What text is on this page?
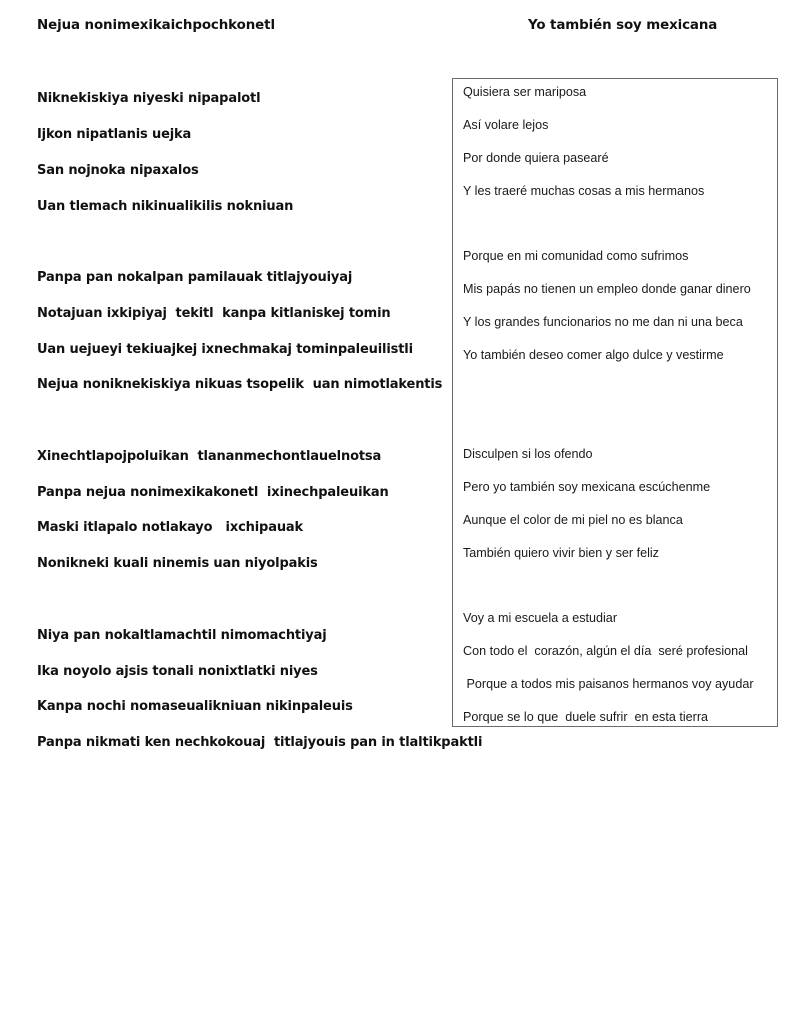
Nejua nonimexikaichpochkonetl	Yo también soy mexicana
Niknekiskiya niyeski nipapalotl
Ijkon nipatlanis uejka
San nojnoka nipaxalos
Uan tlemach nikinualikilis nokniuan
Panpa pan nokalpan pamilauak titlajyouiyaj
Notajuan ixkipiyaj  tekitl  kanpa kitlaniskej tomin
Uan uejueyi tekiuajkej ixnechmakaj tominpaleuilistli
Nejua noniknekiskiya nikuas tsopelik  uan nimotlakentis
Xinechtlapojpoluikan  tlananmechontlauelnotsa
Panpa nejua nonimexikakonetl  ixinechpaleuikan
Maski itlapalo notlakayo   ixchipauak
Nonikneki kuali ninemis uan niyolpakis
Niya pan nokaltlamachtil nimomachtiyaj
Ika noyolo ajsis tonali nonixtlatki niyes
Kanpa nochi nomaseualikniuan nikinpaleuis
Panpa nikmati ken nechkokouaj  titlajyouis pan in tlaltikpaktli
Quisiera ser mariposa
Así volare lejos
Por donde quiera paseаré
Y les traeré muchas cosas a mis hermanos
Porque en mi comunidad como sufrimos
Mis papás no tienen un empleo donde ganar dinero
Y los grandes funcionarios no me dan ni una beca
Yo también deseo comer algo dulce y vestirme
Disculpen si los ofendo
Pero yo también soy mexicana escúchenme
Aunque el color de mi piel no es blanca
También quiero vivir bien y ser feliz
Voy a mi escuela a estudiar
Con todo el  corazón, algún el día  seré profesional
Porque a todos mis paisanos hermanos voy ayudar
Porque se lo que  duele sufrir  en esta tierra
